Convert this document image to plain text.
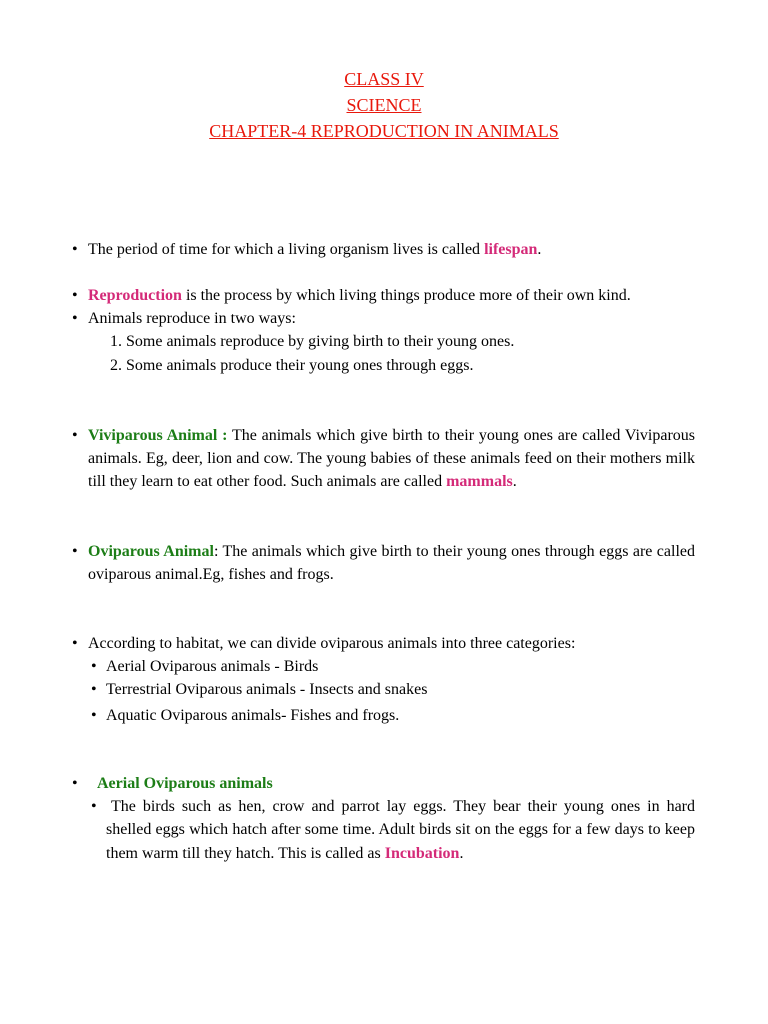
CLASS IV
SCIENCE
CHAPTER-4 REPRODUCTION IN ANIMALS
• The period of time for which a living organism lives is called lifespan.
• Reproduction is the process by which living things produce more of their own kind.
• Animals reproduce in two ways:
1. Some animals reproduce by giving birth to their young ones.
2. Some animals produce their young ones through eggs.
• Viviparous Animal : The animals which give birth to their young ones are called Viviparous animals. Eg, deer, lion and cow. The young babies of these animals feed on their mothers milk till they learn to eat other food. Such animals are called mammals.
• Oviparous Animal: The animals which give birth to their young ones through eggs are called oviparous animal.Eg, fishes and frogs.
• According to habitat, we can divide oviparous animals into three categories:
• Aerial Oviparous animals - Birds
• Terrestrial Oviparous animals - Insects and snakes
• Aquatic Oviparous animals- Fishes and frogs.
• Aerial Oviparous animals
• The birds such as hen, crow and parrot lay eggs. They bear their young ones in hard shelled eggs which hatch after some time. Adult birds sit on the eggs for a few days to keep them warm till they hatch. This is called as Incubation.
